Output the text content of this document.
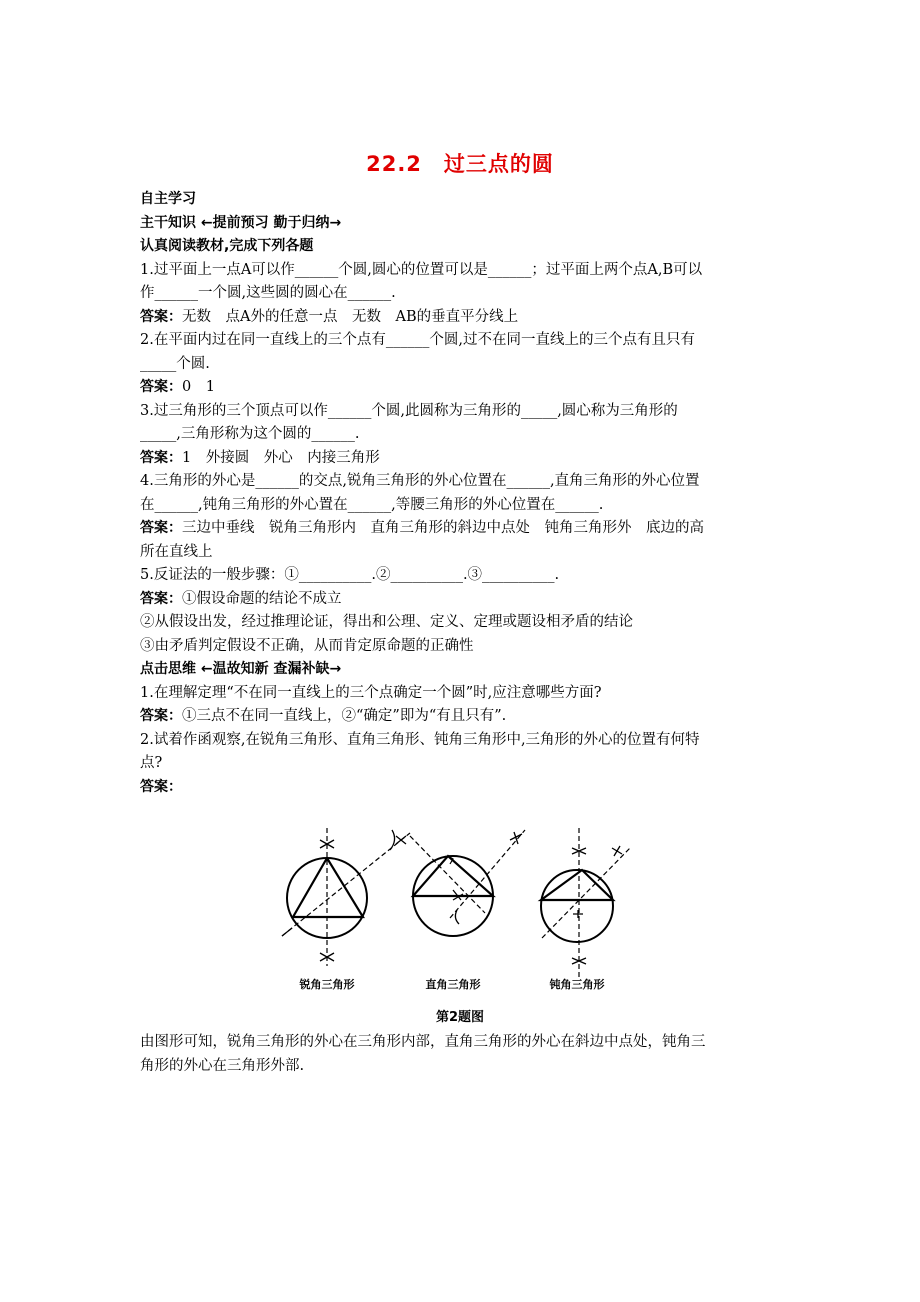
22.2　过三点的圆
自主学习
主干知识 ←提前预习 勤于归纳→
认真阅读教材,完成下列各题
1.过平面上一点A可以作______个圆,圆心的位置可以是______；过平面上两个点A,B可以
作______一个圆,这些圆的圆心在______.
答案：无数　点A外的任意一点　无数　AB的垂直平分线上
2.在平面内过在同一直线上的三个点有______个圆,过不在同一直线上的三个点有且只有
_____个圆.
答案：0　1
3.过三角形的三个顶点可以作______个圆,此圆称为三角形的_____,圆心称为三角形的
_____,三角形称为这个圆的______.
答案：1　外接圆　外心　内接三角形
4.三角形的外心是______的交点,锐角三角形的外心位置在______,直角三角形的外心位置
在______,钝角三角形的外心置在______,等腰三角形的外心位置在______.
答案：三边中垂线　锐角三角形内　直角三角形的斜边中点处　钝角三角形外　底边的高
所在直线上
5.反证法的一般步骤：①__________.②__________.③__________.
答案：①假设命题的结论不成立
②从假设出发，经过推理论证，得出和公理、定义、定理或题设相矛盾的结论
③由矛盾判定假设不正确，从而肯定原命题的正确性
点击思维 ←温故知新 查漏补缺→
1.在理解定理“不在同一直线上的三个点确定一个圆”时,应注意哪些方面?
答案：①三点不在同一直线上，②“确定”即为“有且只有”.
2.试着作函观察,在锐角三角形、直角三角形、钝角三角形中,三角形的外心的位置有何特
点?
答案：
锐角三角形	直角三角形	钝角三角形
第2题图
由图形可知，锐角三角形的外心在三角形内部，直角三角形的外心在斜边中点处，钝角三
角形的外心在三角形外部.
